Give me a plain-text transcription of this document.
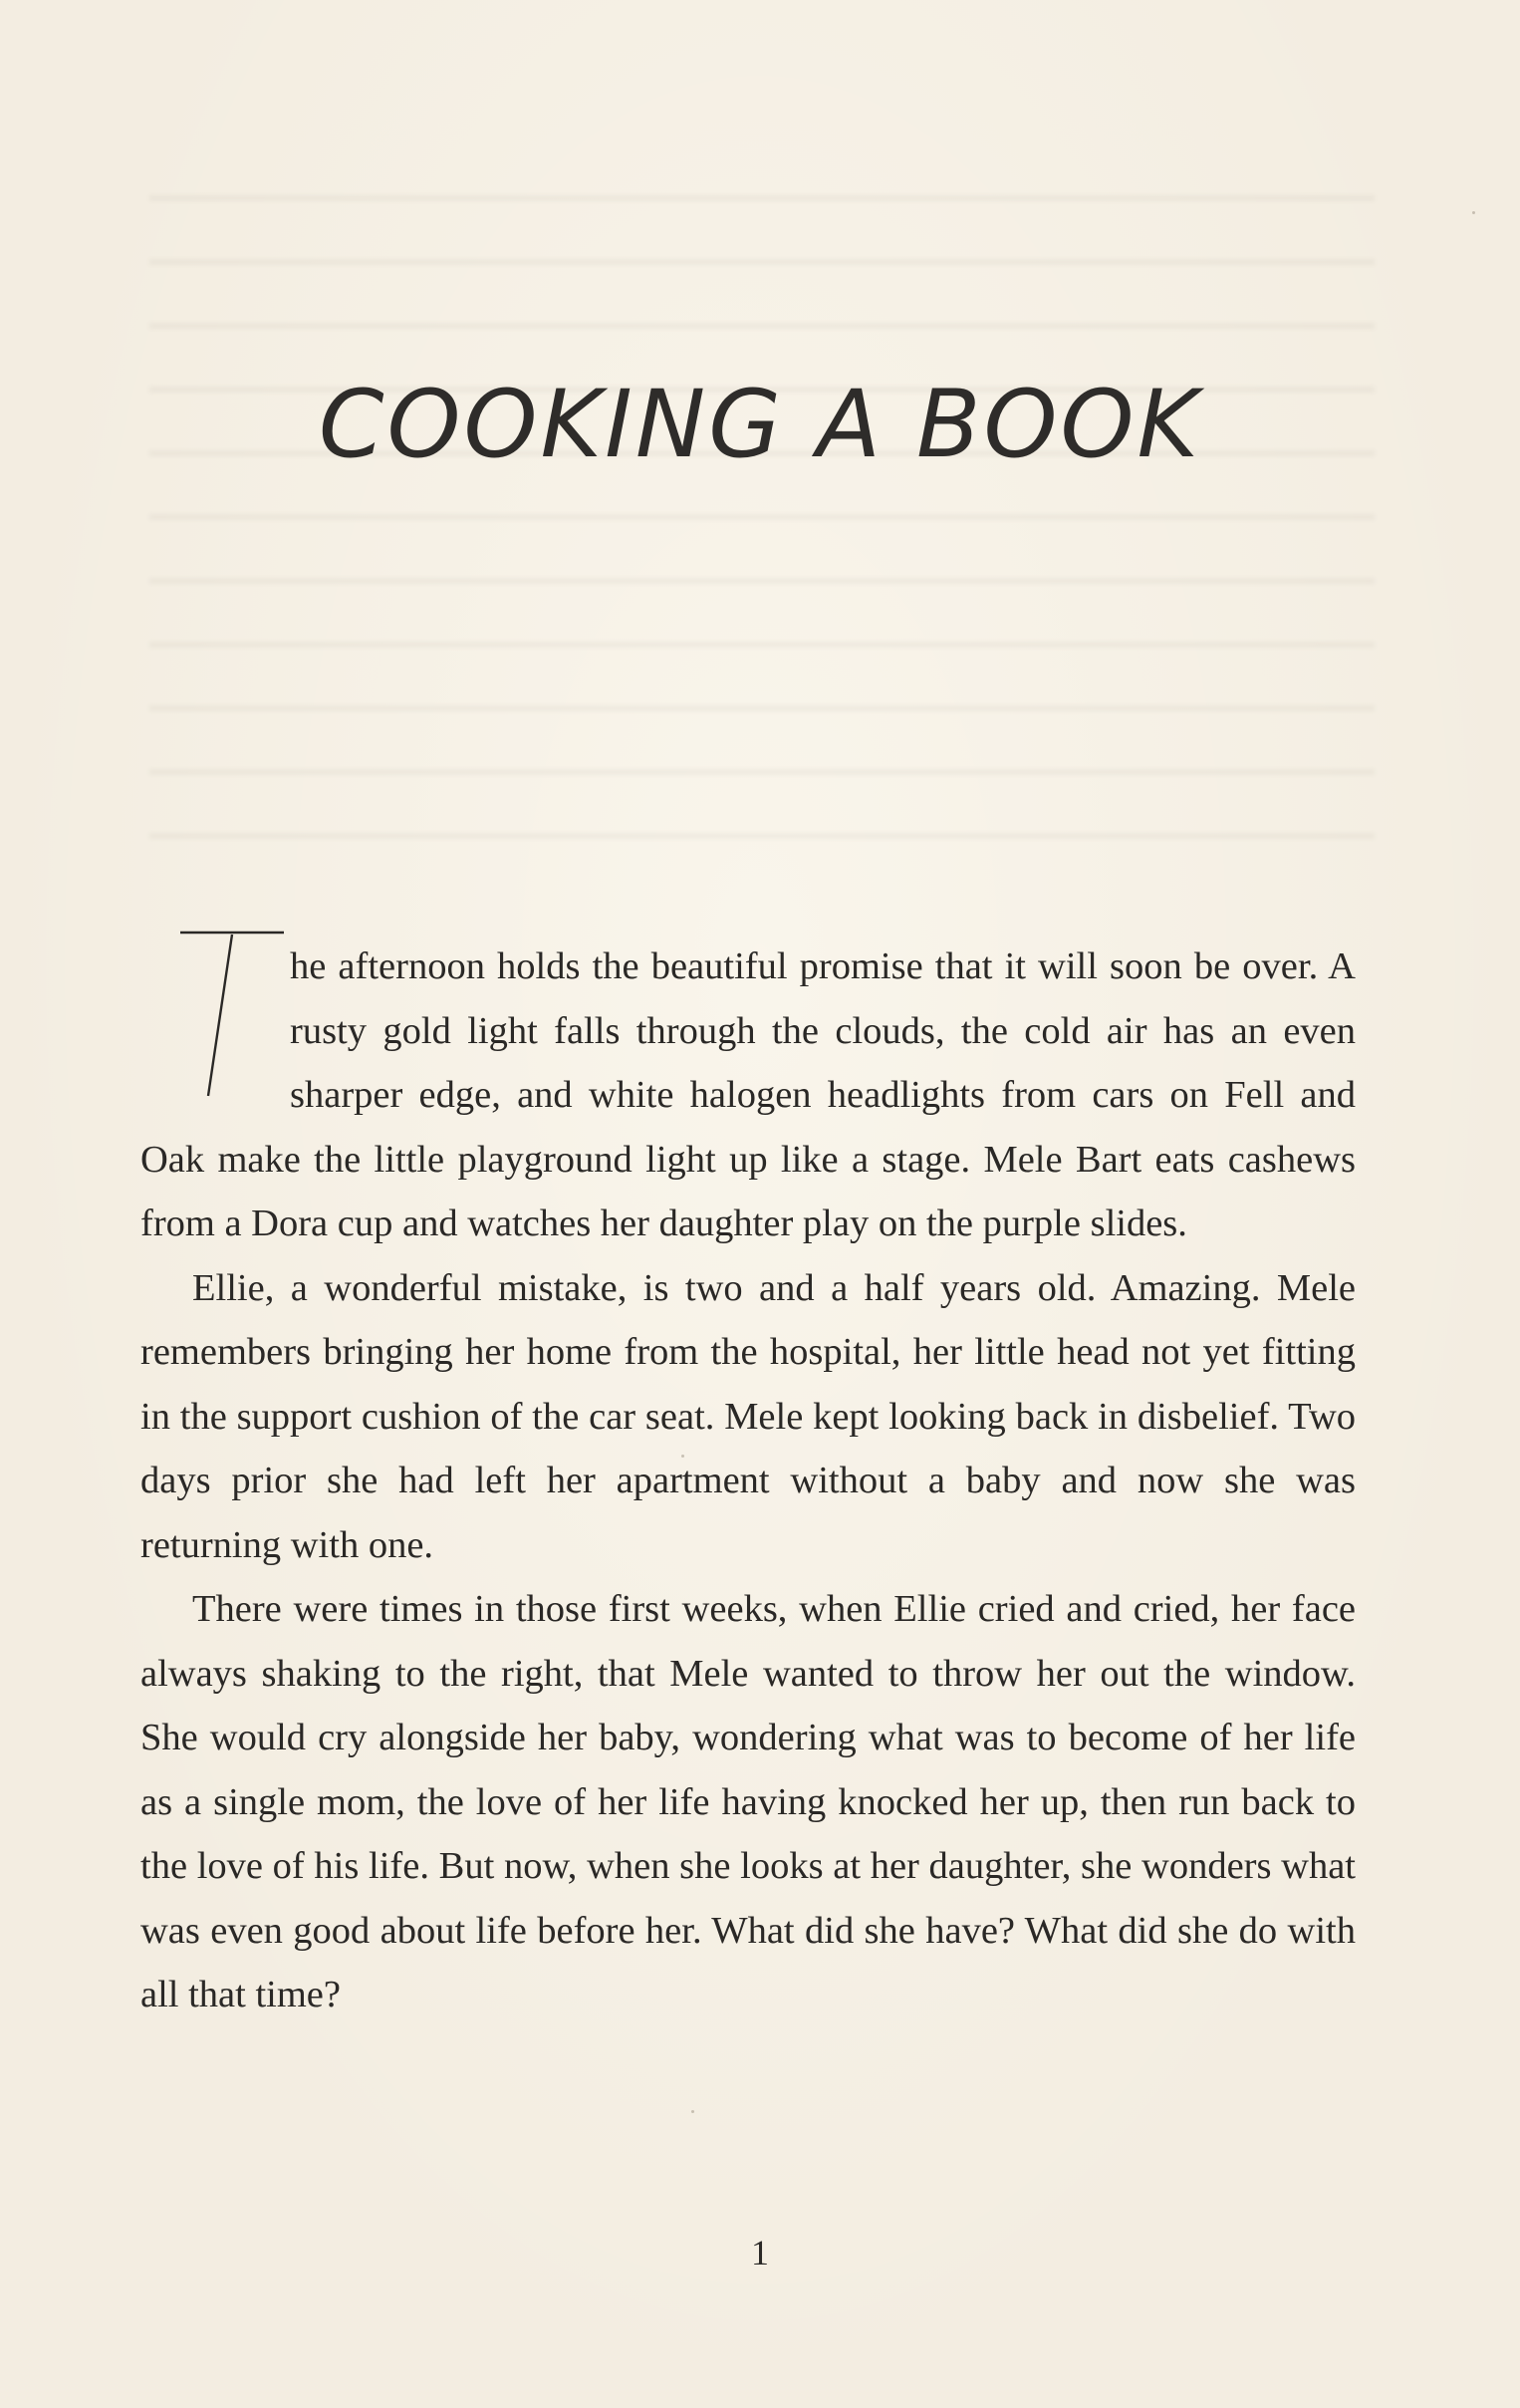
COOKING A BOOK

he afternoon holds the beautiful promise that it will soon be over. A rusty gold light falls through the clouds, the cold air has an even sharper edge, and white halogen headlights from cars on Fell and Oak make the little playground light up like a stage. Mele Bart eats cashews from a Dora cup and watches her daughter play on the purple slides.

Ellie, a wonderful mistake, is two and a half years old. Amazing. Mele remembers bringing her home from the hospital, her little head not yet fitting in the support cushion of the car seat. Mele kept looking back in disbelief. Two days prior she had left her apartment without a baby and now she was returning with one.

There were times in those first weeks, when Ellie cried and cried, her face always shaking to the right, that Mele wanted to throw her out the window. She would cry alongside her baby, wondering what was to become of her life as a single mom, the love of her life having knocked her up, then run back to the love of his life. But now, when she looks at her daughter, she wonders what was even good about life before her. What did she have? What did she do with all that time?

1
